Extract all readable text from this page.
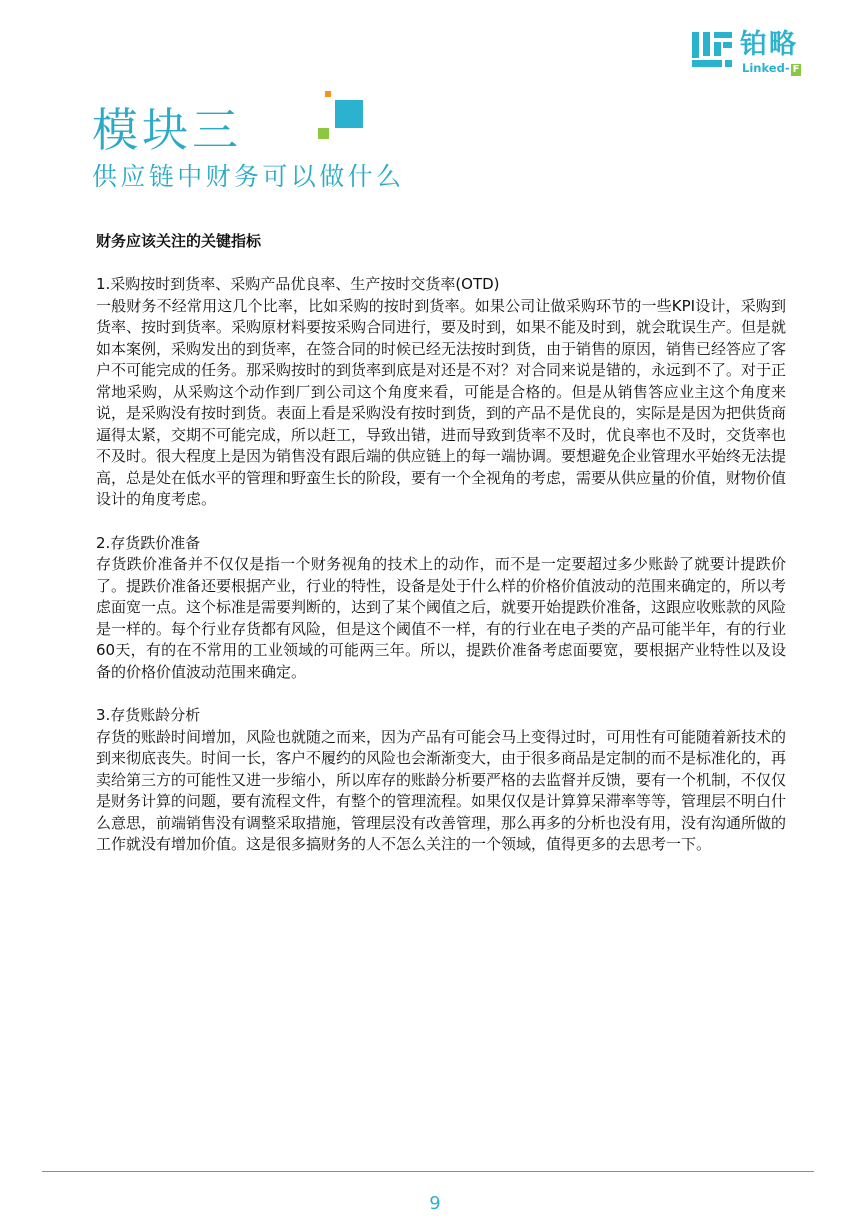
铂略
Linked- F
模块三
供应链中财务可以做什么

财务应该关注的关键指标

1.采购按时到货率、采购产品优良率、生产按时交货率(OTD)

一般财务不经常用这几个比率，比如采购的按时到货率。如果公司让做采购环节的一些KPI设计，采购到货率、按时到货率。采购原材料要按采购合同进行，要及时到，如果不能及时到，就会耽误生产。但是就如本案例，采购发出的到货率，在签合同的时候已经无法按时到货，由于销售的原因，销售已经答应了客户不可能完成的任务。那采购按时的到货率到底是对还是不对？对合同来说是错的，永远到不了。对于正常地采购，从采购这个动作到厂到公司这个角度来看，可能是合格的。但是从销售答应业主这个角度来说，是采购没有按时到货。表面上看是采购没有按时到货，到的产品不是优良的，实际是是因为把供货商逼得太紧，交期不可能完成，所以赶工，导致出错，进而导致到货率不及时，优良率也不及时，交货率也不及时。很大程度上是因为销售没有跟后端的供应链上的每一端协调。要想避免企业管理水平始终无法提高，总是处在低水平的管理和野蛮生长的阶段，要有一个全视角的考虑，需要从供应量的价值，财物价值设计的角度考虑。

2.存货跌价准备

存货跌价准备并不仅仅是指一个财务视角的技术上的动作，而不是一定要超过多少账龄了就要计提跌价了。提跌价准备还要根据产业，行业的特性，设备是处于什么样的价格价值波动的范围来确定的，所以考虑面宽一点。这个标准是需要判断的，达到了某个阈值之后，就要开始提跌价准备，这跟应收账款的风险是一样的。每个行业存货都有风险，但是这个阈值不一样，有的行业在电子类的产品可能半年，有的行业60天，有的在不常用的工业领域的可能两三年。所以，提跌价准备考虑面要宽，要根据产业特性以及设备的价格价值波动范围来确定。

3.存货账龄分析

存货的账龄时间增加，风险也就随之而来，因为产品有可能会马上变得过时，可用性有可能随着新技术的到来彻底丧失。时间一长，客户不履约的风险也会渐渐变大，由于很多商品是定制的而不是标准化的，再卖给第三方的可能性又进一步缩小，所以库存的账龄分析要严格的去监督并反馈，要有一个机制，不仅仅是财务计算的问题，要有流程文件，有整个的管理流程。如果仅仅是计算算呆滞率等等，管理层不明白什么意思，前端销售没有调整采取措施，管理层没有改善管理，那么再多的分析也没有用，没有沟通所做的工作就没有增加价值。这是很多搞财务的人不怎么关注的一个领域，值得更多的去思考一下。

9
